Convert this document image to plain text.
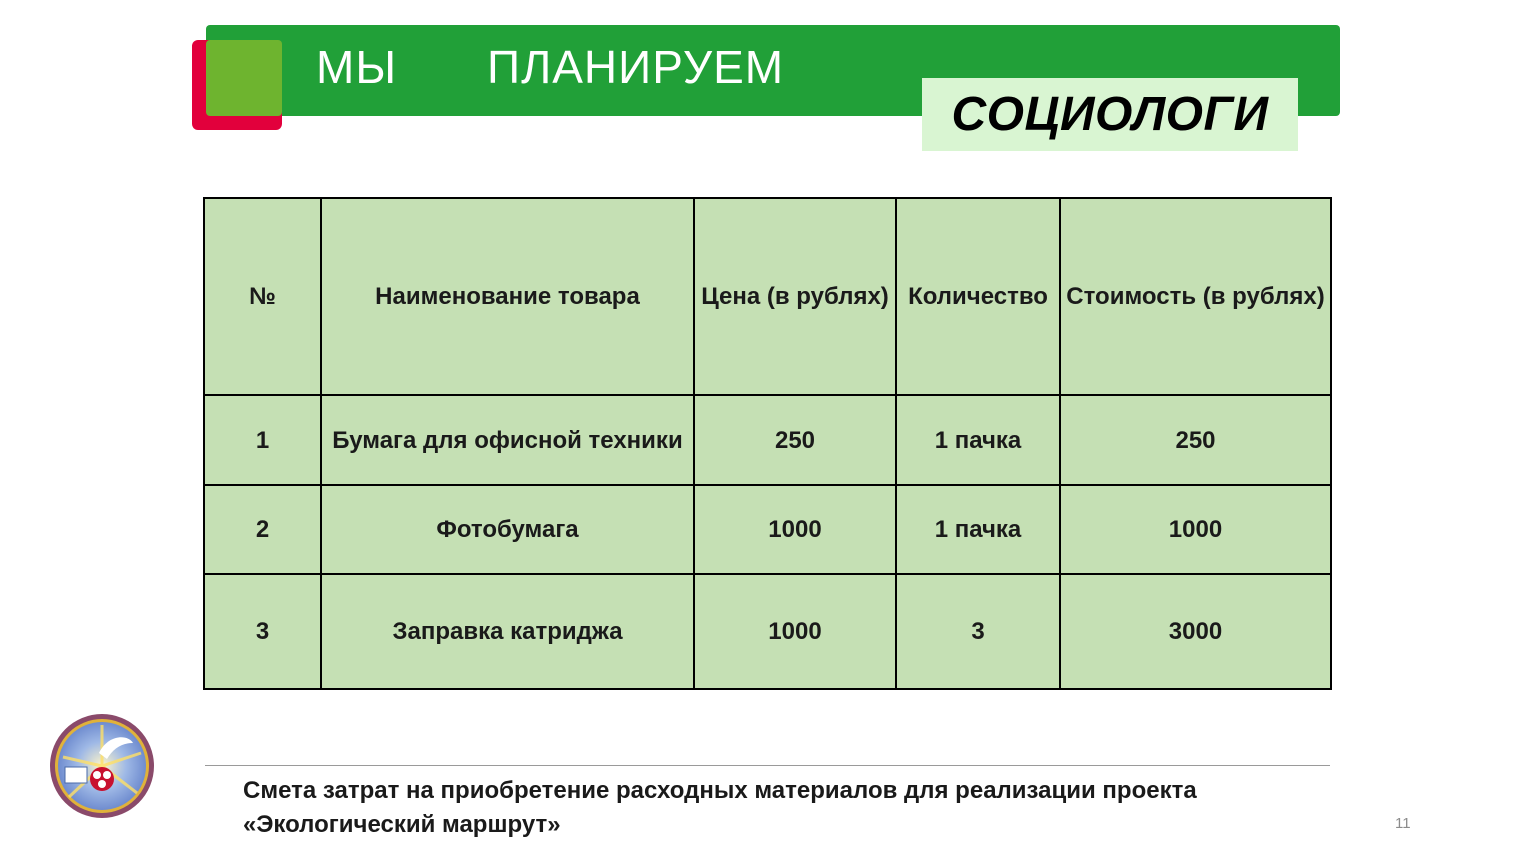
МЫ ПЛАНИРУЕМ
СОЦИОЛОГИ
№	Наименование товара	Цена (в рублях)	Количество	Стоимость (в рублях)
1	Бумага для офисной техники	250	1 пачка	250
2	Фотобумага	1000	1 пачка	1000
3	Заправка катриджа	1000	3	3000
Смета затрат на приобретение расходных материалов для реализации проекта
«Экологический маршрут»	11
